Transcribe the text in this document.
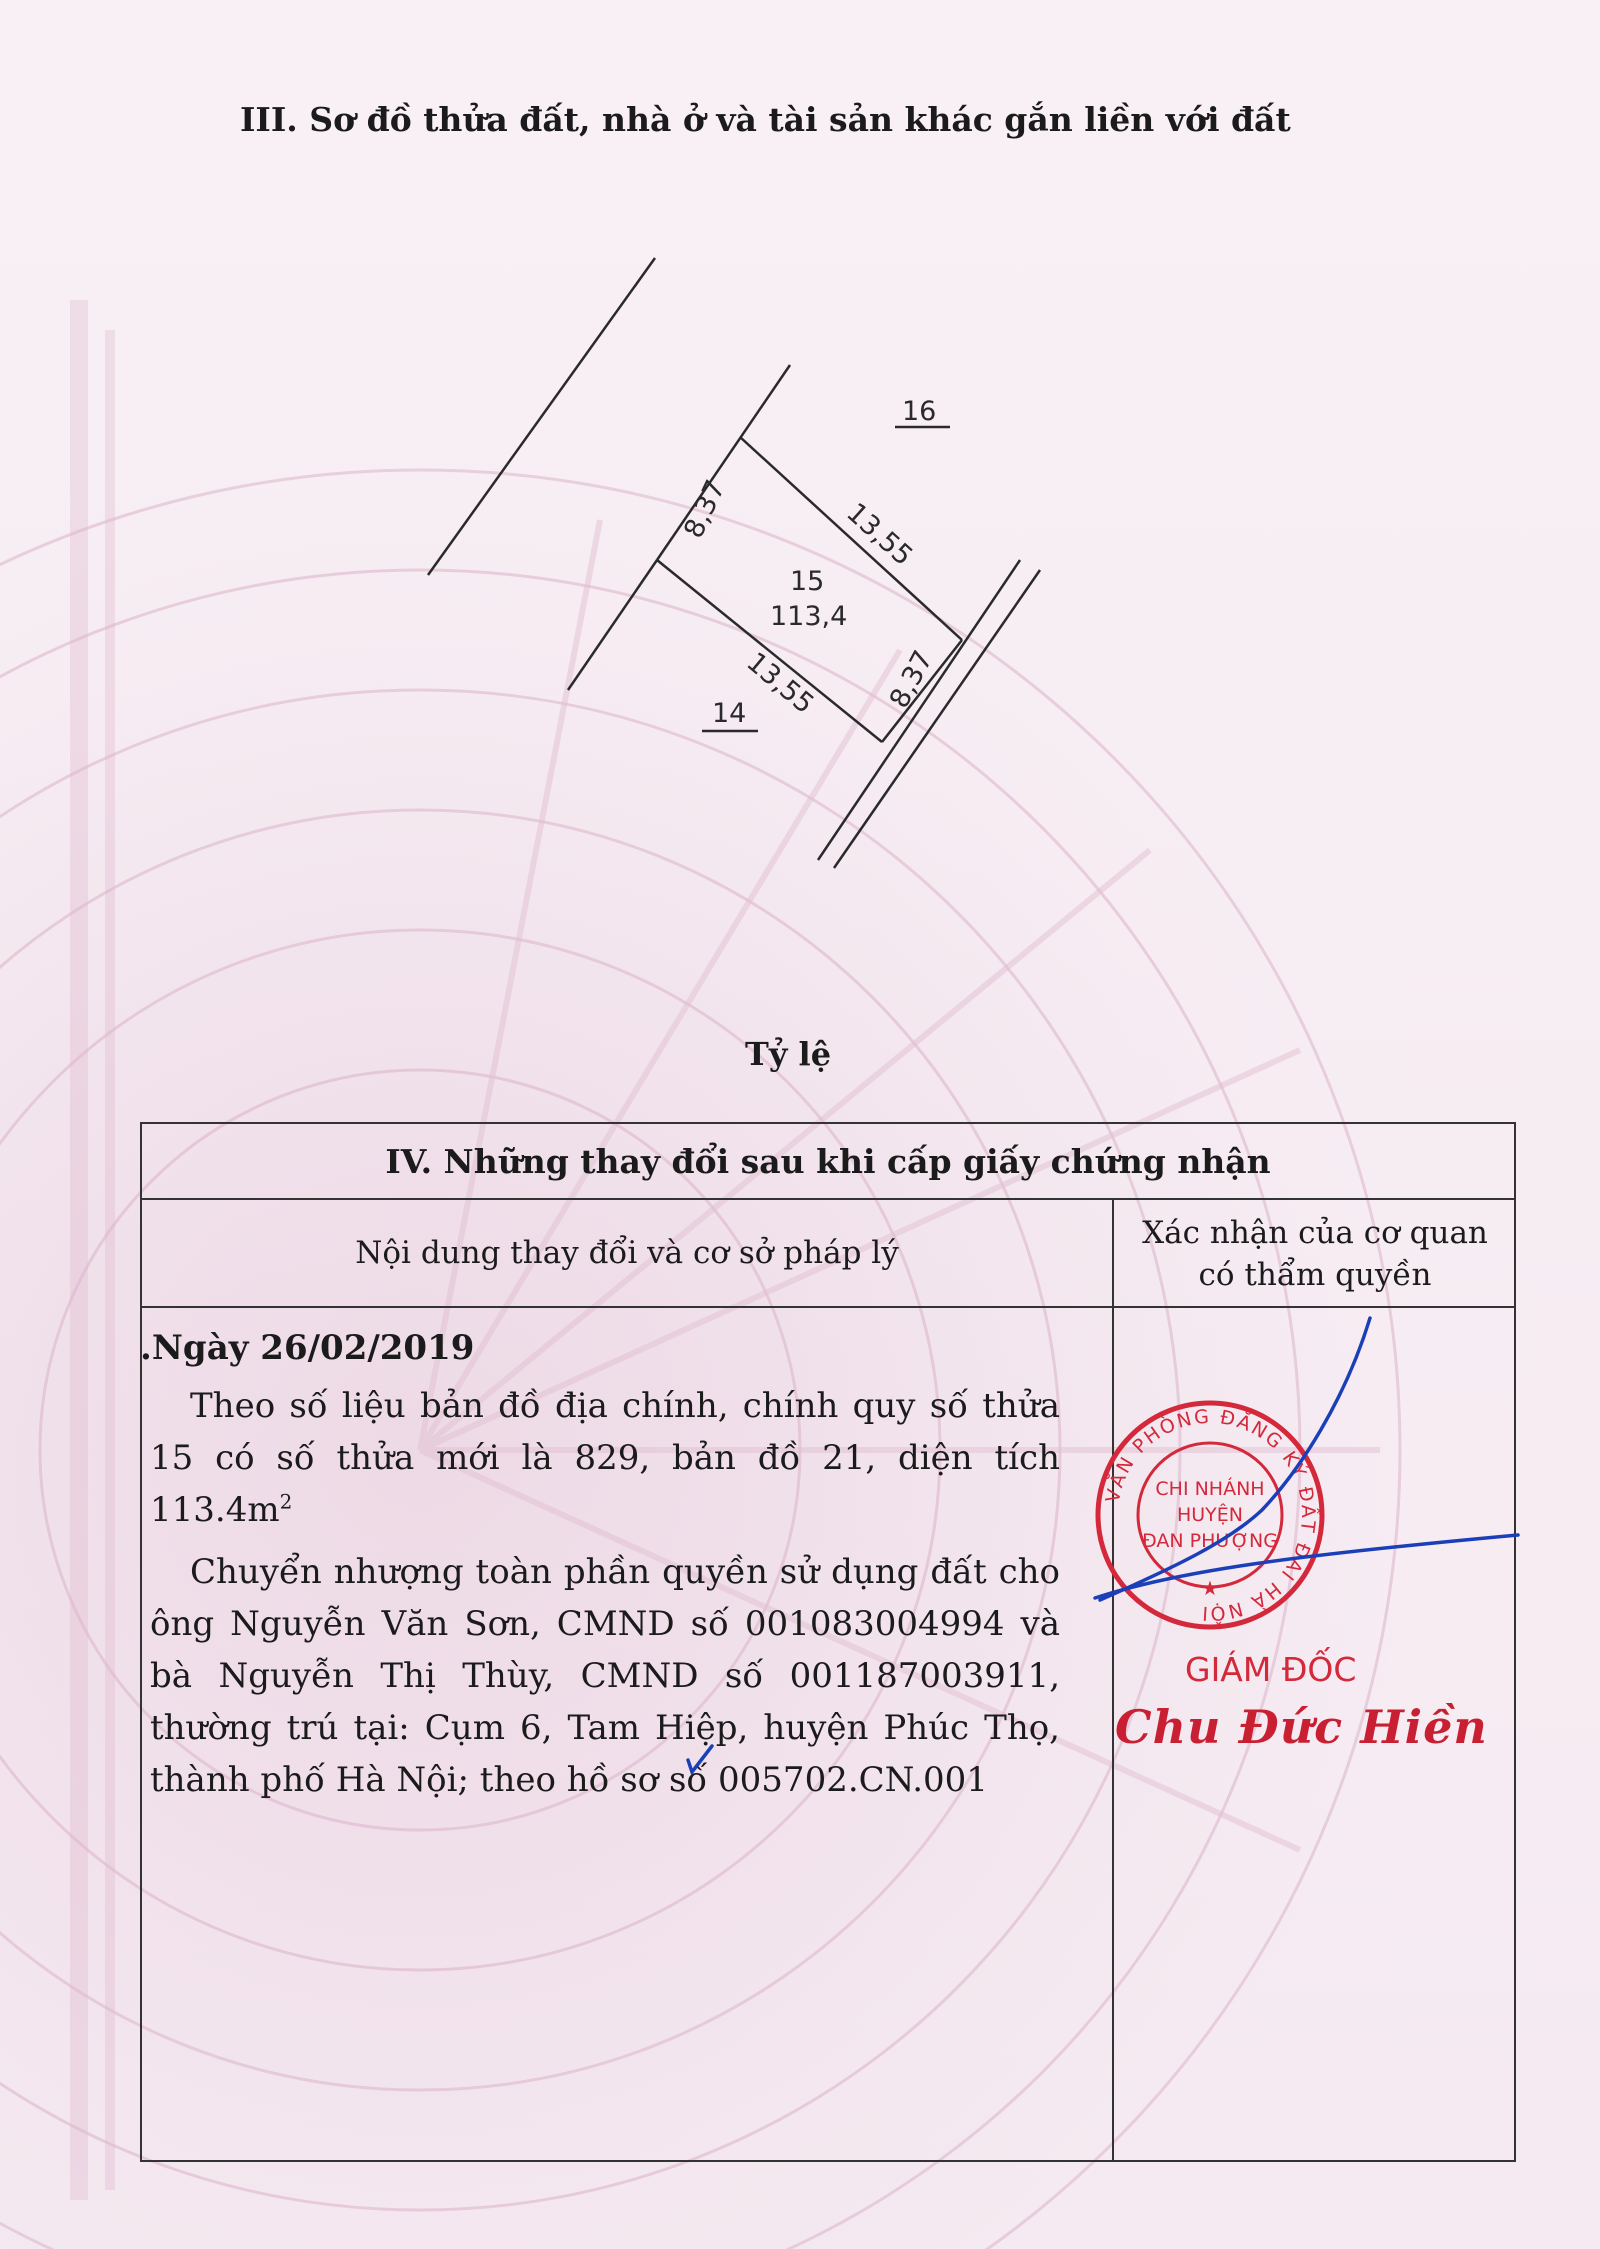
III. Sơ đồ thửa đất, nhà ở và tài sản khác gắn liền với đất
16
14
15
113,4
8,37	13,55
13,55 8,37
Tỷ lệ
IV. Những thay đổi sau khi cấp giấy chứng nhận
Nội dung thay đổi và cơ sở pháp lý
Xác nhận của cơ quan
có thẩm quyền
.Ngày 26/02/2019

Theo số liệu bản đồ địa chính, chính quy số thửa 15 có số thửa mới là 829, bản đồ 21, diện tích $113.4m^2$

Chuyển nhượng toàn phần quyền sử dụng đất cho ông Nguyễn Văn Sơn, CMND số 001083004994 và bà Nguyễn Thị Thùy, CMND số 001187003911, thường trú tại: Cụm 6, Tam Hiệp, huyện Phúc Thọ, thành phố Hà Nội; theo hồ sơ số 005702.CN.001

VĂN PHÒNG ĐĂNG KÝ ĐẤT ĐAI HÀ NỘI
CHI NHÁNH
HUYỆN
ĐAN PHƯỢNG
★
GIÁM ĐỐC
Chu Đức Hiền
